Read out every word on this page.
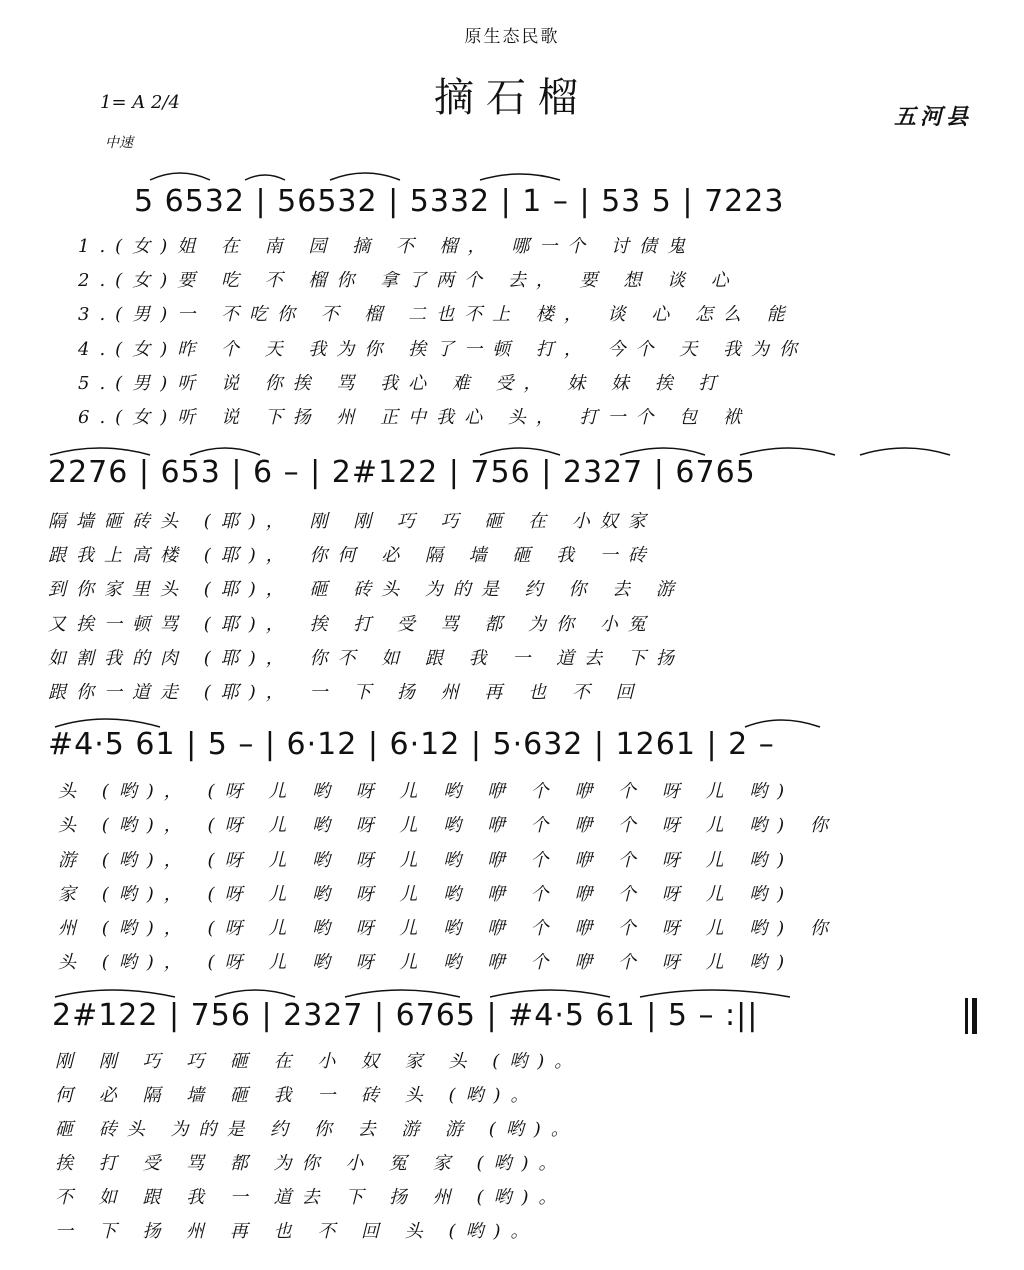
原生态民歌
摘石榴
1= A 2/4
中速
五河县
5 6532 | 56532 | 5332 | 1 – | 53 5 | 7223
1.(女)姐 在 南 园 摘 不 榴， 哪一个 讨债鬼
2.(女)要 吃 不 榴你 拿了两个 去， 要 想 谈 心
3.(男)一 不吃你 不 榴 二也不上 楼， 谈 心 怎么 能
4.(女)昨 个 天 我为你 挨了一顿 打， 今个 天 我为你
5.(男)听 说 你挨 骂 我心 难 受， 妹 妹 挨 打
6.(女)听 说 下扬 州 正中我心 头， 打一个 包 袱
2276 | 653 | 6 – | 2#122 | 756 | 2327 | 6765
隔墙砸砖头 (耶)， 刚 刚 巧 巧 砸 在 小奴家
跟我上高楼 (耶)， 你何 必 隔 墙 砸 我 一砖
到你家里头 (耶)， 砸 砖头 为的是 约 你 去 游
又挨一顿骂 (耶)， 挨 打 受 骂 都 为你 小冤
如割我的肉 (耶)， 你不 如 跟 我 一 道去 下扬
跟你一道走 (耶)， 一 下 扬 州 再 也 不 回
#4·5 61 | 5 – | 6·12 | 6·12 | 5·632 | 1261 | 2 –
头 (哟)， (呀 儿 哟 呀 儿 哟 咿 个 咿 个 呀 儿 哟)
头 (哟)， (呀 儿 哟 呀 儿 哟 咿 个 咿 个 呀 儿 哟) 你
游 (哟)， (呀 儿 哟 呀 儿 哟 咿 个 咿 个 呀 儿 哟)
家 (哟)， (呀 儿 哟 呀 儿 哟 咿 个 咿 个 呀 儿 哟)
州 (哟)， (呀 儿 哟 呀 儿 哟 咿 个 咿 个 呀 儿 哟) 你
头 (哟)， (呀 儿 哟 呀 儿 哟 咿 个 咿 个 呀 儿 哟)
2#122 | 756 | 2327 | 6765 | #4·5 61 | 5 – :||
刚 刚 巧 巧 砸 在 小 奴 家 头 (哟)。
何 必 隔 墙 砸 我 一 砖 头 (哟)。
砸 砖头 为的是 约 你 去 游 游 (哟)。
挨 打 受 骂 都 为你 小 冤 家 (哟)。
不 如 跟 我 一 道去 下 扬 州 (哟)。
一 下 扬 州 再 也 不 回 头 (哟)。
